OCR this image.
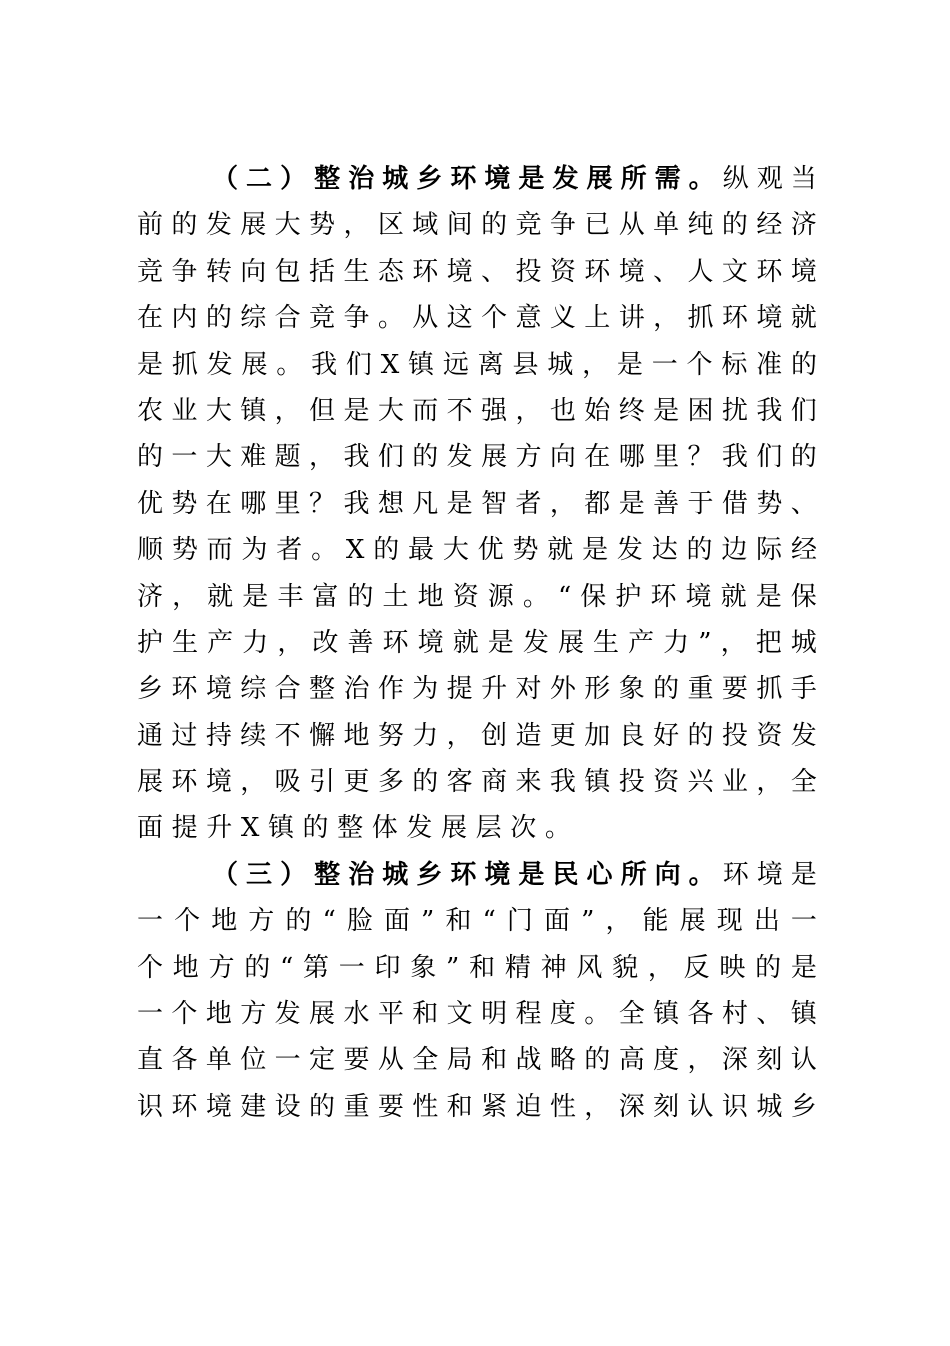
（ 二 ） 整 治 城 乡 环 境 是 发 展 所 需 。 纵 观 当
前 的 发 展 大 势 ， 区 域 间 的 竞 争 已 从 单 纯 的 经 济
竞 争 转 向 包 括 生 态 环 境 、 投 资 环 境 、 人 文 环 境
在 内 的 综 合 竞 争 。 从 这 个 意 义 上 讲 ， 抓 环 境 就
是 抓 发 展 。 我 们 X 镇 远 离 县 城 ， 是 一 个 标 准 的
农 业 大 镇 ， 但 是 大 而 不 强 ， 也 始 终 是 困 扰 我 们
的 一 大 难 题 ， 我 们 的 发 展 方 向 在 哪 里 ？ 我 们 的
优 势 在 哪 里 ？ 我 想 凡 是 智 者 ， 都 是 善 于 借 势 、
顺 势 而 为 者 。 X 的 最 大 优 势 就 是 发 达 的 边 际 经
济 ， 就 是 丰 富 的 土 地 资 源 。 “ 保 护 环 境 就 是 保
护 生 产 力 ， 改 善 环 境 就 是 发 展 生 产 力 ” ， 把 城
乡 环 境 综 合 整 治 作 为 提 升 对 外 形 象 的 重 要 抓 手
通 过 持 续 不 懈 地 努 力 ， 创 造 更 加 良 好 的 投 资 发
展 环 境 ， 吸 引 更 多 的 客 商 来 我 镇 投 资 兴 业 ， 全
面 提 升 X 镇 的 整 体 发 展 层 次 。
（ 三 ） 整 治 城 乡 环 境 是 民 心 所 向 。 环 境 是
一 个 地 方 的 “ 脸 面 ” 和 “ 门 面 ” ， 能 展 现 出 一
个 地 方 的 “ 第 一 印 象 ” 和 精 神 风 貌 ， 反 映 的 是
一 个 地 方 发 展 水 平 和 文 明 程 度 。 全 镇 各 村 、 镇
直 各 单 位 一 定 要 从 全 局 和 战 略 的 高 度 ， 深 刻 认
识 环 境 建 设 的 重 要 性 和 紧 迫 性 ， 深 刻 认 识 城 乡
